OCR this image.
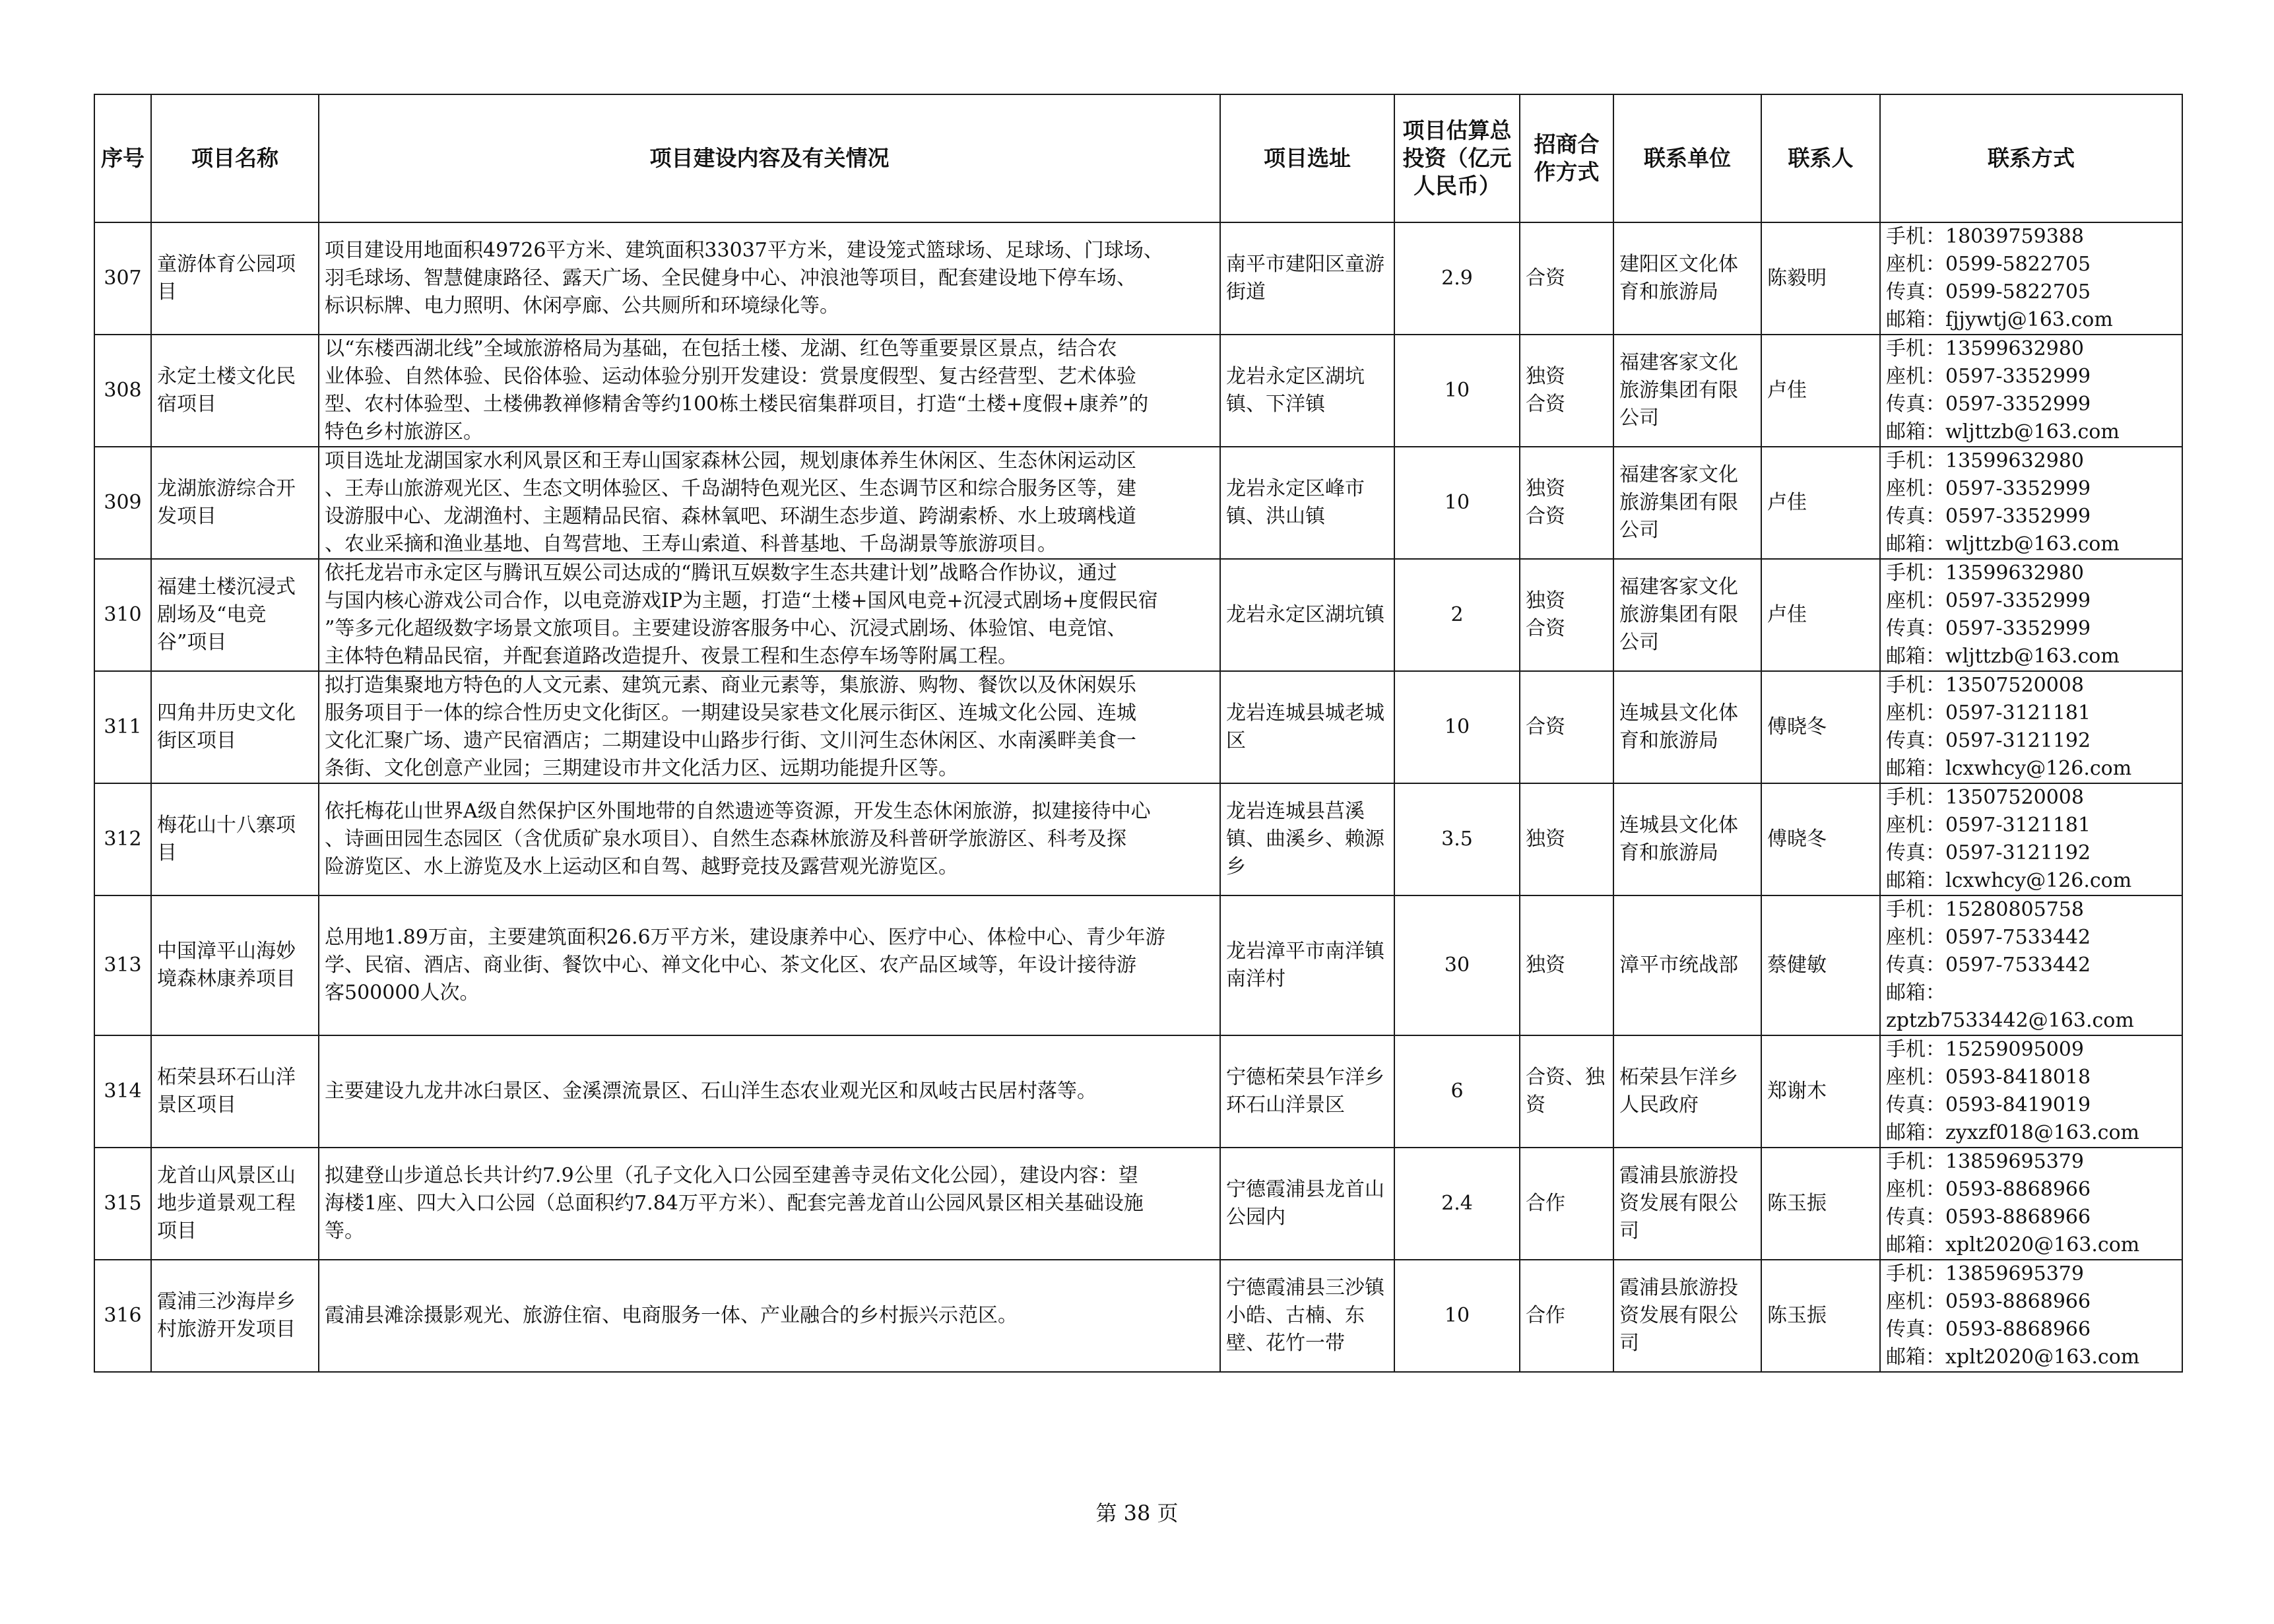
序号	项目名称	项目建设内容及有关情况	项目选址	项目估算总投资（亿元人民币）	招商合作方式	联系单位	联系人	联系方式
307	童游体育公园项目	项目建设用地面积49726平方米、建筑面积33037平方米，建设笼式篮球场、足球场、门球场、
羽毛球场、智慧健康路径、露天广场、全民健身中心、冲浪池等项目，配套建设地下停车场、
标识标牌、电力照明、休闲亭廊、公共厕所和环境绿化等。	南平市建阳区童游街道	2.9	合资	建阳区文化体育和旅游局	陈毅明	手机：18039759388
座机：0599-5822705
传真：0599-5822705
邮箱：fjjywtj@163.com
308	永定土楼文化民宿项目	以“东楼西湖北线”全域旅游格局为基础，在包括土楼、龙湖、红色等重要景区景点，结合农
业体验、自然体验、民俗体验、运动体验分别开发建设：赏景度假型、复古经营型、艺术体验
型、农村体验型、土楼佛教禅修精舍等约100栋土楼民宿集群项目，打造“土楼+度假+康养”的
特色乡村旅游区。	龙岩永定区湖坑镇、下洋镇	10	独资
合资	福建客家文化旅游集团有限公司	卢佳	手机：13599632980
座机：0597-3352999
传真：0597-3352999
邮箱：wljttzb@163.com
309	龙湖旅游综合开发项目	项目选址龙湖国家水利风景区和王寿山国家森林公园，规划康体养生休闲区、生态休闲运动区
、王寿山旅游观光区、生态文明体验区、千岛湖特色观光区、生态调节区和综合服务区等，建
设游服中心、龙湖渔村、主题精品民宿、森林氧吧、环湖生态步道、跨湖索桥、水上玻璃栈道
、农业采摘和渔业基地、自驾营地、王寿山索道、科普基地、千岛湖景等旅游项目。	龙岩永定区峰市镇、洪山镇	10	独资
合资	福建客家文化旅游集团有限公司	卢佳	手机：13599632980
座机：0597-3352999
传真：0597-3352999
邮箱：wljttzb@163.com
310	福建土楼沉浸式剧场及“电竞谷”项目	依托龙岩市永定区与腾讯互娱公司达成的“腾讯互娱数字生态共建计划”战略合作协议，通过
与国内核心游戏公司合作，以电竞游戏IP为主题，打造“土楼+国风电竞+沉浸式剧场+度假民宿
”等多元化超级数字场景文旅项目。主要建设游客服务中心、沉浸式剧场、体验馆、电竞馆、
主体特色精品民宿，并配套道路改造提升、夜景工程和生态停车场等附属工程。	龙岩永定区湖坑镇	2	独资
合资	福建客家文化旅游集团有限公司	卢佳	手机：13599632980
座机：0597-3352999
传真：0597-3352999
邮箱：wljttzb@163.com
311	四角井历史文化街区项目	拟打造集聚地方特色的人文元素、建筑元素、商业元素等，集旅游、购物、餐饮以及休闲娱乐
服务项目于一体的综合性历史文化街区。一期建设吴家巷文化展示街区、连城文化公园、连城
文化汇聚广场、遗产民宿酒店；二期建设中山路步行街、文川河生态休闲区、水南溪畔美食一
条街、文化创意产业园；三期建设市井文化活力区、远期功能提升区等。	龙岩连城县城老城区	10	合资	连城县文化体育和旅游局	傅晓冬	手机：13507520008
座机：0597-3121181
传真：0597-3121192
邮箱：lcxwhcy@126.com
312	梅花山十八寨项目	依托梅花山世界A级自然保护区外围地带的自然遗迹等资源，开发生态休闲旅游，拟建接待中心
、诗画田园生态园区（含优质矿泉水项目）、自然生态森林旅游及科普研学旅游区、科考及探
险游览区、水上游览及水上运动区和自驾、越野竞技及露营观光游览区。	龙岩连城县莒溪镇、曲溪乡、赖源乡	3.5	独资	连城县文化体育和旅游局	傅晓冬	手机：13507520008
座机：0597-3121181
传真：0597-3121192
邮箱：lcxwhcy@126.com
313	中国漳平山海妙境森林康养项目	总用地1.89万亩，主要建筑面积26.6万平方米，建设康养中心、医疗中心、体检中心、青少年游
学、民宿、酒店、商业街、餐饮中心、禅文化中心、茶文化区、农产品区域等，年设计接待游
客500000人次。	龙岩漳平市南洋镇南洋村	30	独资	漳平市统战部	蔡健敏	手机：15280805758
座机：0597-7533442
传真：0597-7533442
邮箱：zptzb7533442@163.com
314	柘荣县环石山洋景区项目	主要建设九龙井冰臼景区、金溪漂流景区、石山洋生态农业观光区和凤岐古民居村落等。	宁德柘荣县乍洋乡环石山洋景区	6	合资、独资	柘荣县乍洋乡人民政府	郑谢木	手机：15259095009
座机：0593-8418018
传真：0593-8419019
邮箱：zyxzf018@163.com
315	龙首山风景区山地步道景观工程项目	拟建登山步道总长共计约7.9公里（孔子文化入口公园至建善寺灵佑文化公园），建设内容：望
海楼1座、四大入口公园（总面积约7.84万平方米）、配套完善龙首山公园风景区相关基础设施
等。	宁德霞浦县龙首山公园内	2.4	合作	霞浦县旅游投资发展有限公司	陈玉振	手机：13859695379
座机：0593-8868966
传真：0593-8868966
邮箱：xplt2020@163.com
316	霞浦三沙海岸乡村旅游开发项目	霞浦县滩涂摄影观光、旅游住宿、电商服务一体、产业融合的乡村振兴示范区。	宁德霞浦县三沙镇小皓、古楠、东壁、花竹一带	10	合作	霞浦县旅游投资发展有限公司	陈玉振	手机：13859695379
座机：0593-8868966
传真：0593-8868966
邮箱：xplt2020@163.com
第 38 页
